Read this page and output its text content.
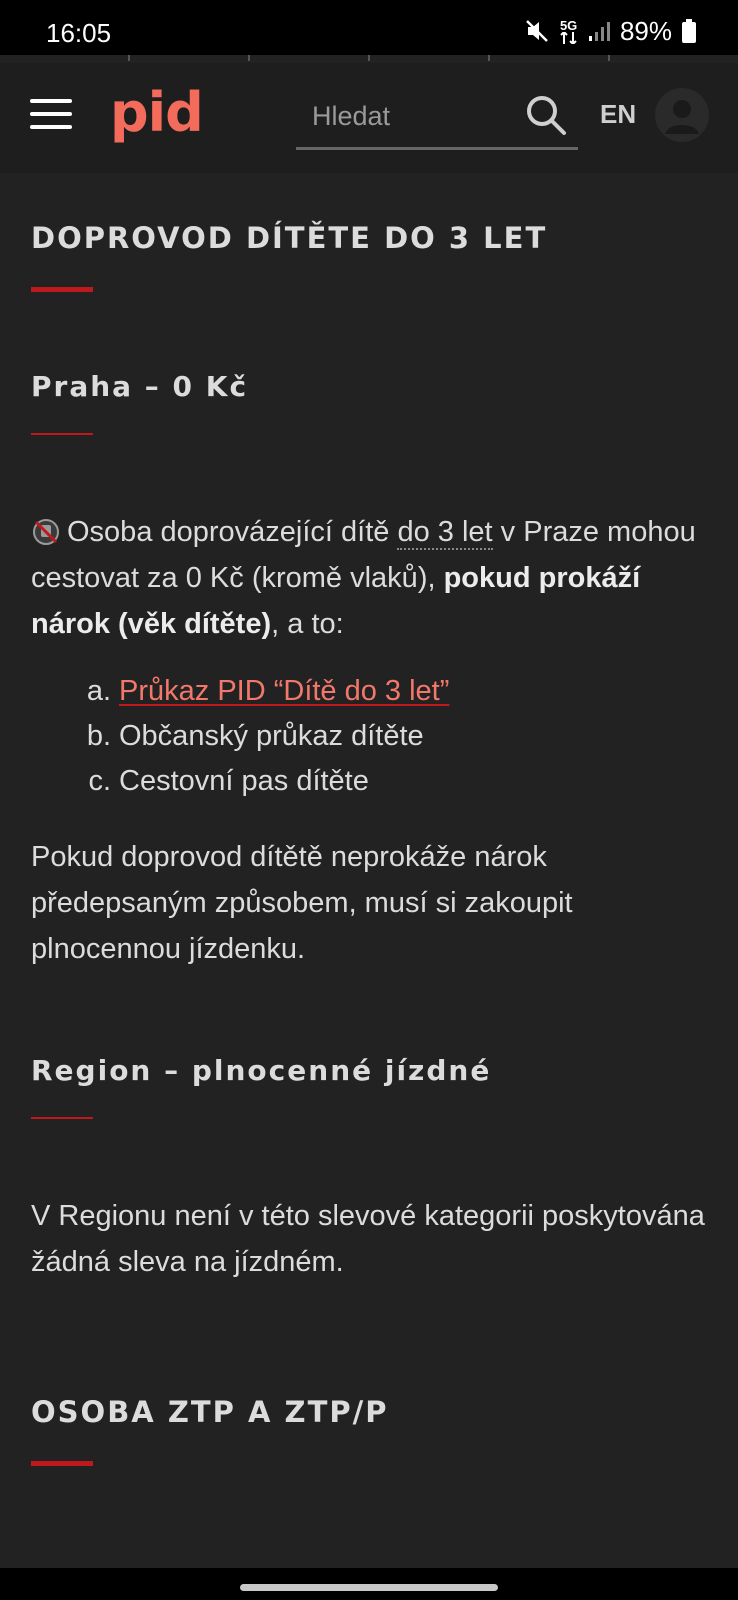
16:05	5G 89%
pid
Hledat	EN
DOPROVOD DÍTĚTE DO 3 LET
Praha – 0 Kč

Osoba doprovázející dítě do 3 let v Praze mohou cestovat za 0 Kč (kromě vlaků), pokud prokáží nárok (věk dítěte), a to:

a. Průkaz PID “Dítě do 3 let”
b. Občanský průkaz dítěte
c. Cestovní pas dítěte

Pokud doprovod dítětě neprokáže nárok předepsaným způsobem, musí si zakoupit plnocennou jízdenku.

Region – plnocenné jízdné

V Regionu není v této slevové kategorii poskytována žádná sleva na jízdném.

OSOBA ZTP A ZTP/P
